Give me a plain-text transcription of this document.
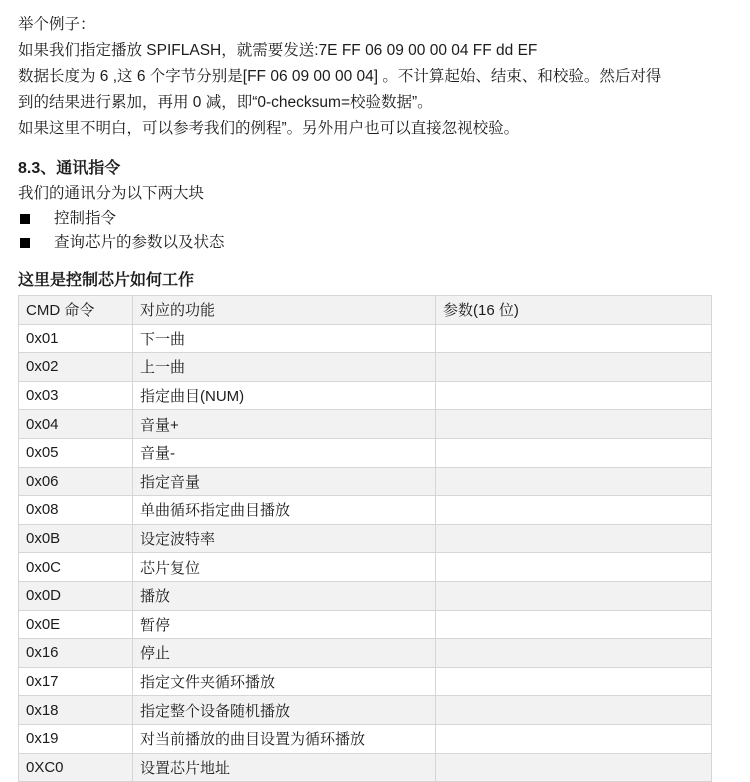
举个例子：
如果我们指定播放 SPIFLASH，就需要发送:7E FF 06 09 00 00 04 FF dd EF
数据长度为 6 ,这 6 个字节分别是[FF 06 09 00 00 04] 。不计算起始、结束、和校验。然后对得
到的结果进行累加，再用 0 减，即“0-checksum=校验数据”。
如果这里不明白，可以参考我们的例程”。另外用户也可以直接忽视校验。
8.3、通讯指令
我们的通讯分为以下两大块
控制指令
查询芯片的参数以及状态
这里是控制芯片如何工作
CMD 命令	对应的功能	参数(16 位)
0x01	下一曲	
0x02	上一曲	
0x03	指定曲目(NUM)	
0x04	音量+	
0x05	音量-	
0x06	指定音量	
0x08	单曲循环指定曲目播放	
0x0B	设定波特率	
0x0C	芯片复位	
0x0D	播放	
0x0E	暂停	
0x16	停止	
0x17	指定文件夹循环播放	
0x18	指定整个设备随机播放	
0x19	对当前播放的曲目设置为循环播放	
0XC0	设置芯片地址	
